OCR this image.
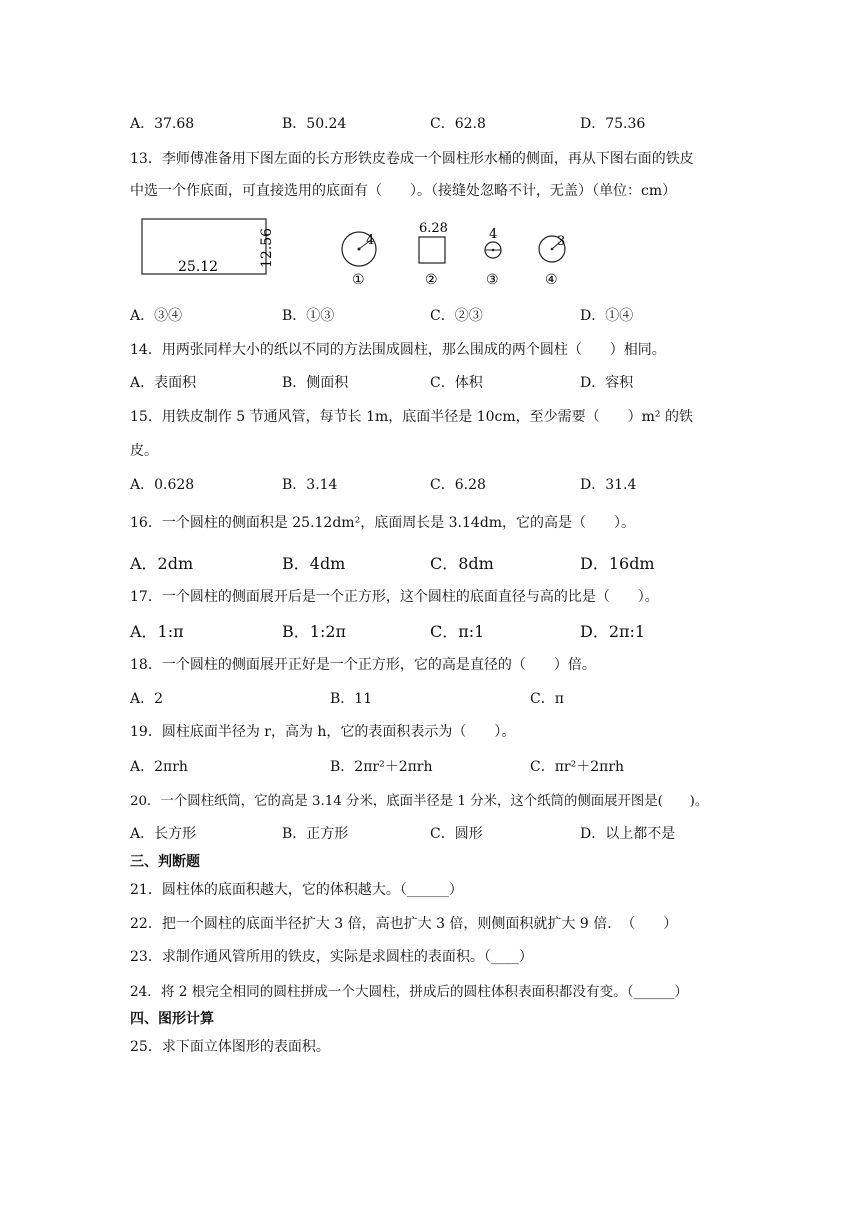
A．37.68	B．50.24	C．62.8	D．75.36
13．李师傅准备用下图左面的长方形铁皮卷成一个圆柱形水桶的侧面，再从下图右面的铁皮
中选一个作底面，可直接选用的底面有（　　）。（接缝处忽略不计，无盖）（单位：cm）
25.12	12.56	4
①
6.28
②
4
③
3
④
A．③④	B．①③	C．②③	D．①④
14．用两张同样大小的纸以不同的方法围成圆柱，那么围成的两个圆柱（　　）相同。
A．表面积	B．侧面积	C．体积	D．容积
15．用铁皮制作 5 节通风管，每节长 1m，底面半径是 10cm，至少需要（　　）m² 的铁
皮。
A．0.628	B．3.14	C．6.28	D．31.4
16．一个圆柱的侧面积是 25.12dm²，底面周长是 3.14dm，它的高是（　　）。
A．2dm	B．4dm	C．8dm	D．16dm
17．一个圆柱的侧面展开后是一个正方形，这个圆柱的底面直径与高的比是（　　）。
A．1:π	B．1:2π	C．π:1	D．2π:1
18．一个圆柱的侧面展开正好是一个正方形，它的高是直径的（　　）倍。
A．2	B．11	C．π
19．圆柱底面半径为 r，高为 h，它的表面积表示为（　　）。
A．2πrh	B．2πr²＋2πrh	C．πr²＋2πrh
20．一个圆柱纸筒，它的高是 3.14 分米，底面半径是 1 分米，这个纸筒的侧面展开图是(　　)。
A．长方形	B．正方形	C．圆形	D．以上都不是
三、判断题
21．圆柱体的底面积越大，它的体积越大。（______）
22．把一个圆柱的底面半径扩大 3 倍，高也扩大 3 倍，则侧面积就扩大 9 倍．　（　　）
23．求制作通风管所用的铁皮，实际是求圆柱的表面积。（____）
24．将 2 根完全相同的圆柱拼成一个大圆柱，拼成后的圆柱体积表面积都没有变。（______）
四、图形计算
25．求下面立体图形的表面积。
